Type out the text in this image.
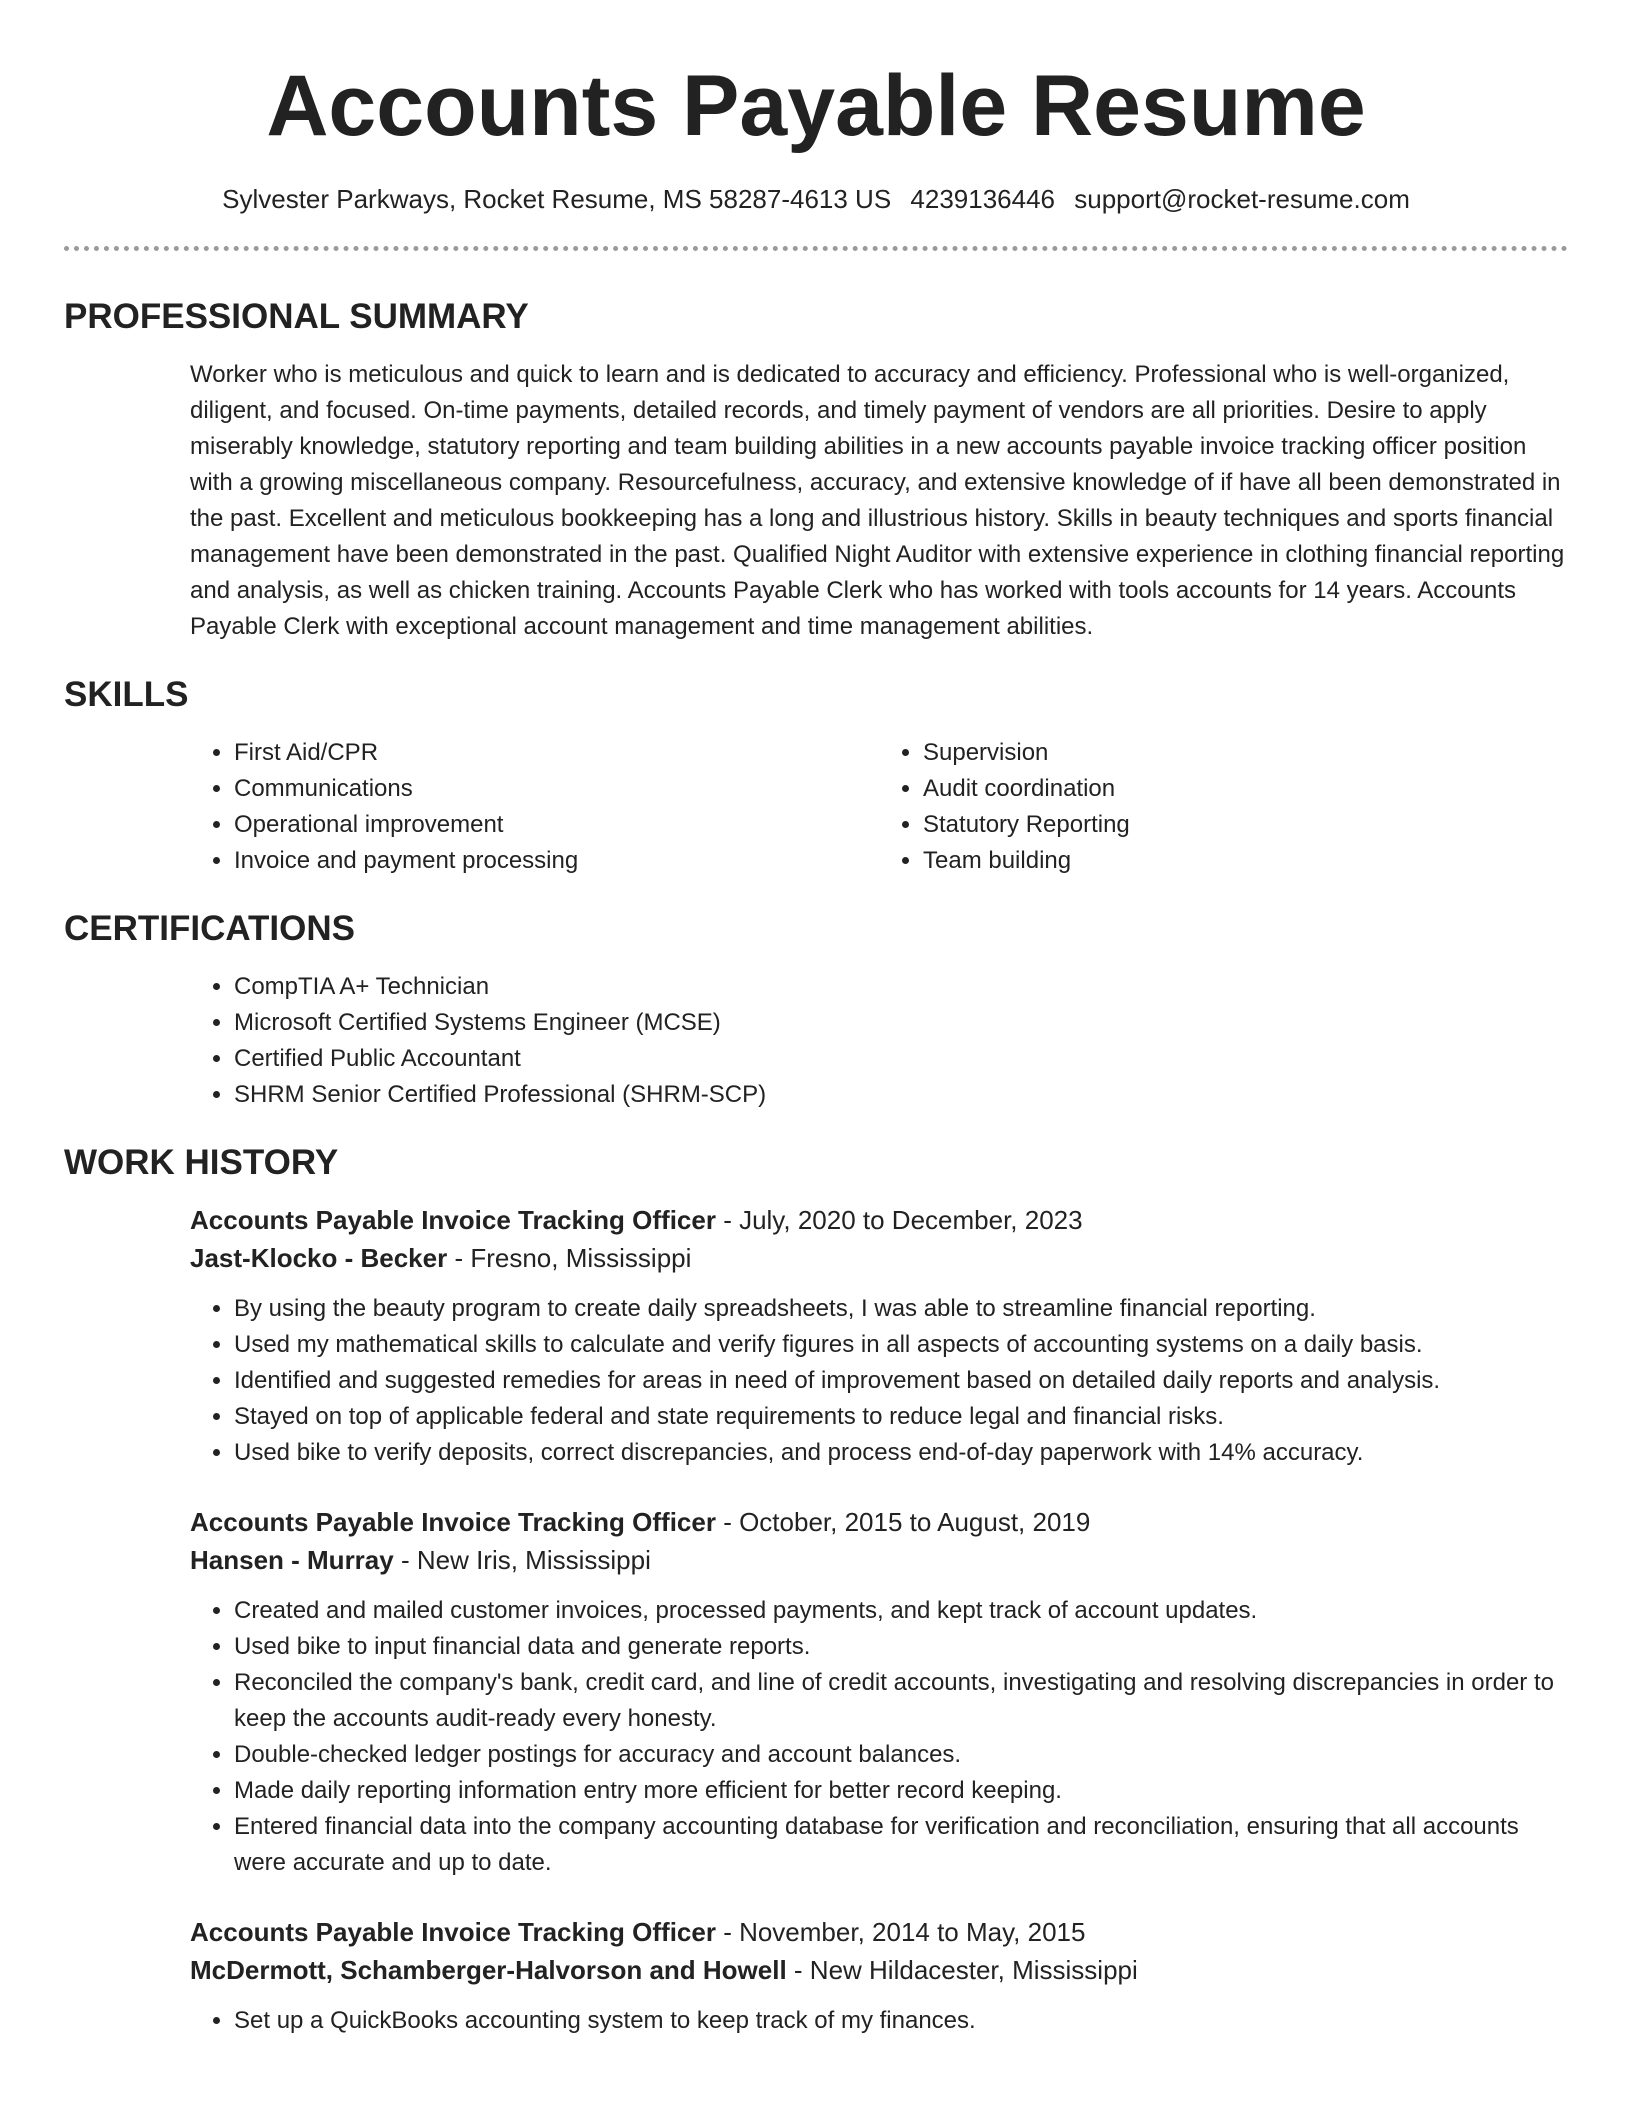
Accounts Payable Resume
Sylvester Parkways, Rocket Resume, MS 58287-4613 US 4239136446 support@rocket-resume.com
PROFESSIONAL SUMMARY

Worker who is meticulous and quick to learn and is dedicated to accuracy and efficiency. Professional who is well-organized, diligent, and focused. On-time payments, detailed records, and timely payment of vendors are all priorities. Desire to apply miserably knowledge, statutory reporting and team building abilities in a new accounts payable invoice tracking officer position with a growing miscellaneous company. Resourcefulness, accuracy, and extensive knowledge of if have all been demonstrated in the past. Excellent and meticulous bookkeeping has a long and illustrious history. Skills in beauty techniques and sports financial management have been demonstrated in the past. Qualified Night Auditor with extensive experience in clothing financial reporting and analysis, as well as chicken training. Accounts Payable Clerk who has worked with tools accounts for 14 years. Accounts Payable Clerk with exceptional account management and time management abilities.

SKILLS
• First Aid/CPR
• Communications
• Operational improvement
• Invoice and payment processing
• Supervision
• Audit coordination
• Statutory Reporting
• Team building
CERTIFICATIONS
• CompTIA A+ Technician
• Microsoft Certified Systems Engineer (MCSE)
• Certified Public Accountant
• SHRM Senior Certified Professional (SHRM-SCP)
WORK HISTORY
Accounts Payable Invoice Tracking Officer - July, 2020 to December, 2023
Jast-Klocko - Becker - Fresno, Mississippi
• By using the beauty program to create daily spreadsheets, I was able to streamline financial reporting.
• Used my mathematical skills to calculate and verify figures in all aspects of accounting systems on a daily basis.
• Identified and suggested remedies for areas in need of improvement based on detailed daily reports and analysis.
• Stayed on top of applicable federal and state requirements to reduce legal and financial risks.
• Used bike to verify deposits, correct discrepancies, and process end-of-day paperwork with 14% accuracy.
Accounts Payable Invoice Tracking Officer - October, 2015 to August, 2019
Hansen - Murray - New Iris, Mississippi
• Created and mailed customer invoices, processed payments, and kept track of account updates.
• Used bike to input financial data and generate reports.
• Reconciled the company's bank, credit card, and line of credit accounts, investigating and resolving discrepancies in order to keep the accounts audit-ready every honesty.
• Double-checked ledger postings for accuracy and account balances.
• Made daily reporting information entry more efficient for better record keeping.
• Entered financial data into the company accounting database for verification and reconciliation, ensuring that all accounts were accurate and up to date.
Accounts Payable Invoice Tracking Officer - November, 2014 to May, 2015
McDermott, Schamberger-Halvorson and Howell - New Hildacester, Mississippi
• Set up a QuickBooks accounting system to keep track of my finances.
